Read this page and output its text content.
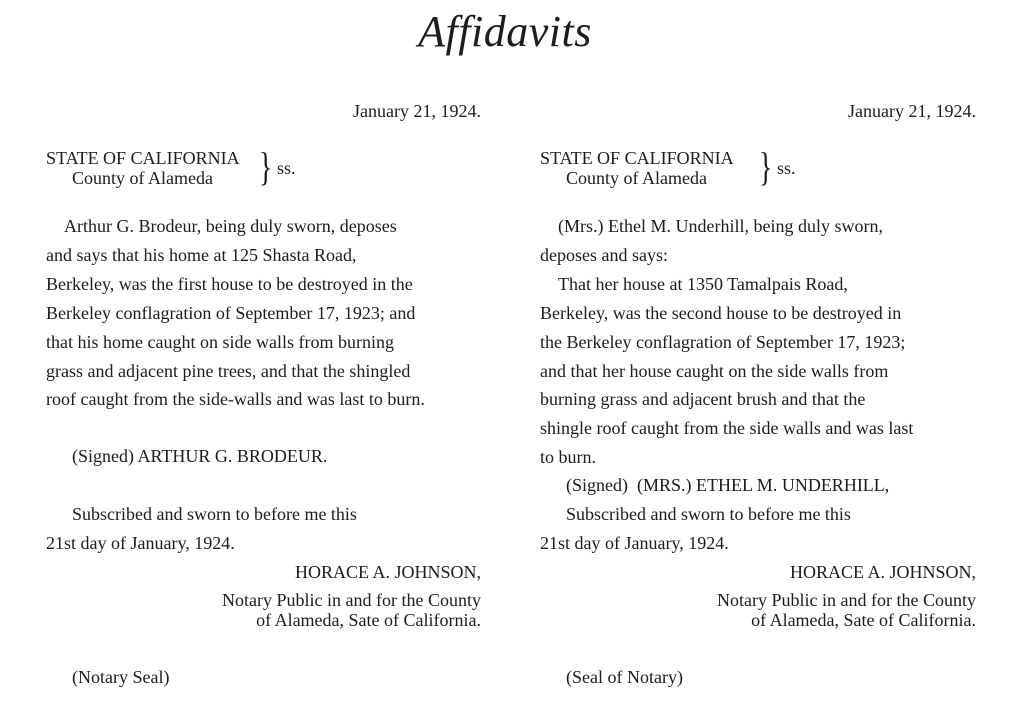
Affidavits
January 21, 1924.
STATE OF CALIFORNIA
County of Alameda } ss.
Arthur G. Brodeur, being duly sworn, deposes
and says that his home at 125 Shasta Road,
Berkeley, was the first house to be destroyed in the
Berkeley conflagration of September 17, 1923; and
that his home caught on side walls from burning
grass and adjacent pine trees, and that the shingled
roof caught from the side-walls and was last to burn.
(Signed) ARTHUR G. BRODEUR.
Subscribed and sworn to before me this
21st day of January, 1924.
HORACE A. JOHNSON,
Notary Public in and for the County
of Alameda, Sate of California.
(Notary Seal)
January 21, 1924.
STATE OF CALIFORNIA
County of Alameda } ss.
(Mrs.) Ethel M. Underhill, being duly sworn,
deposes and says:
That her house at 1350 Tamalpais Road,
Berkeley, was the second house to be destroyed in
the Berkeley conflagration of September 17, 1923;
and that her house caught on the side walls from
burning grass and adjacent brush and that the
shingle roof caught from the side walls and was last
to burn.
(Signed)  (MRS.) ETHEL M. UNDERHILL,
Subscribed and sworn to before me this
21st day of January, 1924.
HORACE A. JOHNSON,
Notary Public in and for the County
of Alameda, Sate of California.
(Seal of Notary)
